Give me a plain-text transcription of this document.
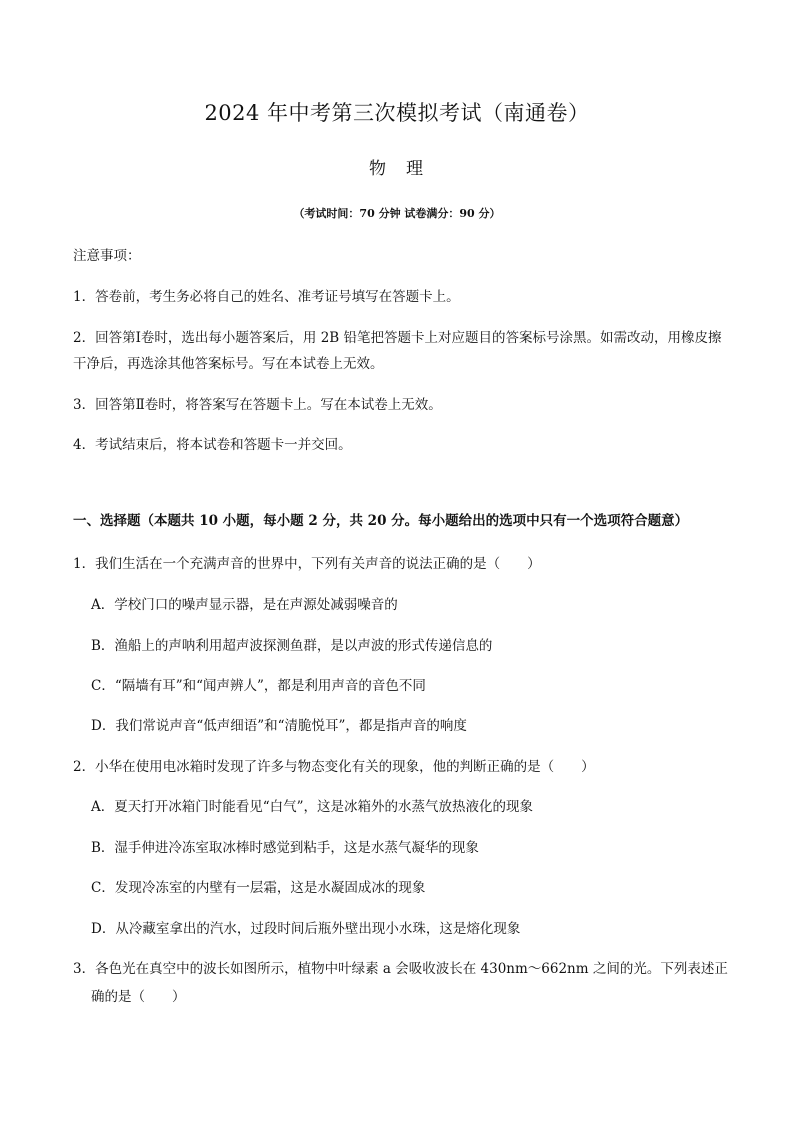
2024 年中考第三次模拟考试（南通卷）
物理
（考试时间：70 分钟 试卷满分：90 分）
注意事项：
1．答卷前，考生务必将自己的姓名、准考证号填写在答题卡上。
2．回答第Ⅰ卷时，选出每小题答案后，用 2B 铅笔把答题卡上对应题目的答案标号涂黑。如需改动，用橡皮擦干净后，再选涂其他答案标号。写在本试卷上无效。
3．回答第Ⅱ卷时，将答案写在答题卡上。写在本试卷上无效。
4．考试结束后，将本试卷和答题卡一并交回。
一、选择题（本题共 10 小题，每小题 2 分，共 20 分。每小题给出的选项中只有一个选项符合题意）
1．我们生活在一个充满声音的世界中，下列有关声音的说法正确的是（　　）
A．学校门口的噪声显示器，是在声源处减弱噪音的
B．渔船上的声呐利用超声波探测鱼群，是以声波的形式传递信息的
C．“隔墙有耳”和“闻声辨人”，都是利用声音的音色不同
D．我们常说声音“低声细语”和“清脆悦耳”，都是指声音的响度
2．小华在使用电冰箱时发现了许多与物态变化有关的现象，他的判断正确的是（　　）
A．夏天打开冰箱门时能看见“白气”，这是冰箱外的水蒸气放热液化的现象
B．湿手伸进冷冻室取冰棒时感觉到粘手，这是水蒸气凝华的现象
C．发现冷冻室的内壁有一层霜，这是水凝固成冰的现象
D．从冷藏室拿出的汽水，过段时间后瓶外壁出现小水珠，这是熔化现象
3．各色光在真空中的波长如图所示，植物中叶绿素 a 会吸收波长在 430nm～662nm 之间的光。下列表述正
确的是（　　）
